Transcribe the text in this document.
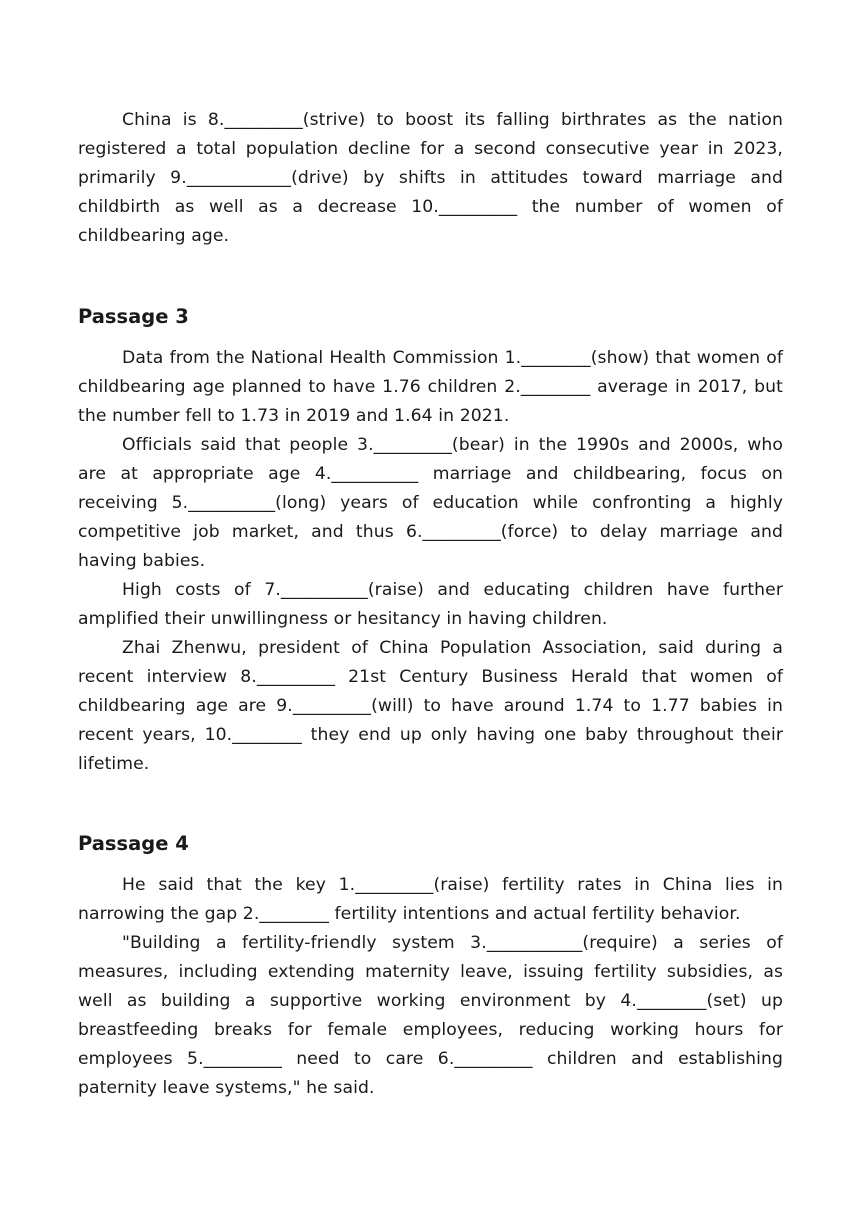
China is 8._________(strive) to boost its falling birthrates as the nation registered a total population decline for a second consecutive year in 2023, primarily 9.____________(drive) by shifts in attitudes toward marriage and childbirth as well as a decrease 10._________ the number of women of childbearing age.

Passage 3

Data from the National Health Commission 1.________(show) that women of childbearing age planned to have 1.76 children 2.________ average in 2017, but the number fell to 1.73 in 2019 and 1.64 in 2021.

Officials said that people 3._________(bear) in the 1990s and 2000s, who are at appropriate age 4.__________ marriage and childbearing, focus on receiving 5.__________(long) years of education while confronting a highly competitive job market, and thus 6._________(force) to delay marriage and having babies.

High costs of 7.__________(raise) and educating children have further amplified their unwillingness or hesitancy in having children.

Zhai Zhenwu, president of China Population Association, said during a recent interview 8._________ 21st Century Business Herald that women of childbearing age are 9._________(will) to have around 1.74 to 1.77 babies in recent years, 10.________ they end up only having one baby throughout their lifetime.

Passage 4

He said that the key 1._________(raise) fertility rates in China lies in narrowing the gap 2.________ fertility intentions and actual fertility behavior.

"Building a fertility-friendly system 3.___________(require) a series of measures, including extending maternity leave, issuing fertility subsidies, as well as building a supportive working environment by 4.________(set) up breastfeeding breaks for female employees, reducing working hours for employees 5._________ need to care 6._________ children and establishing paternity leave systems," he said.
